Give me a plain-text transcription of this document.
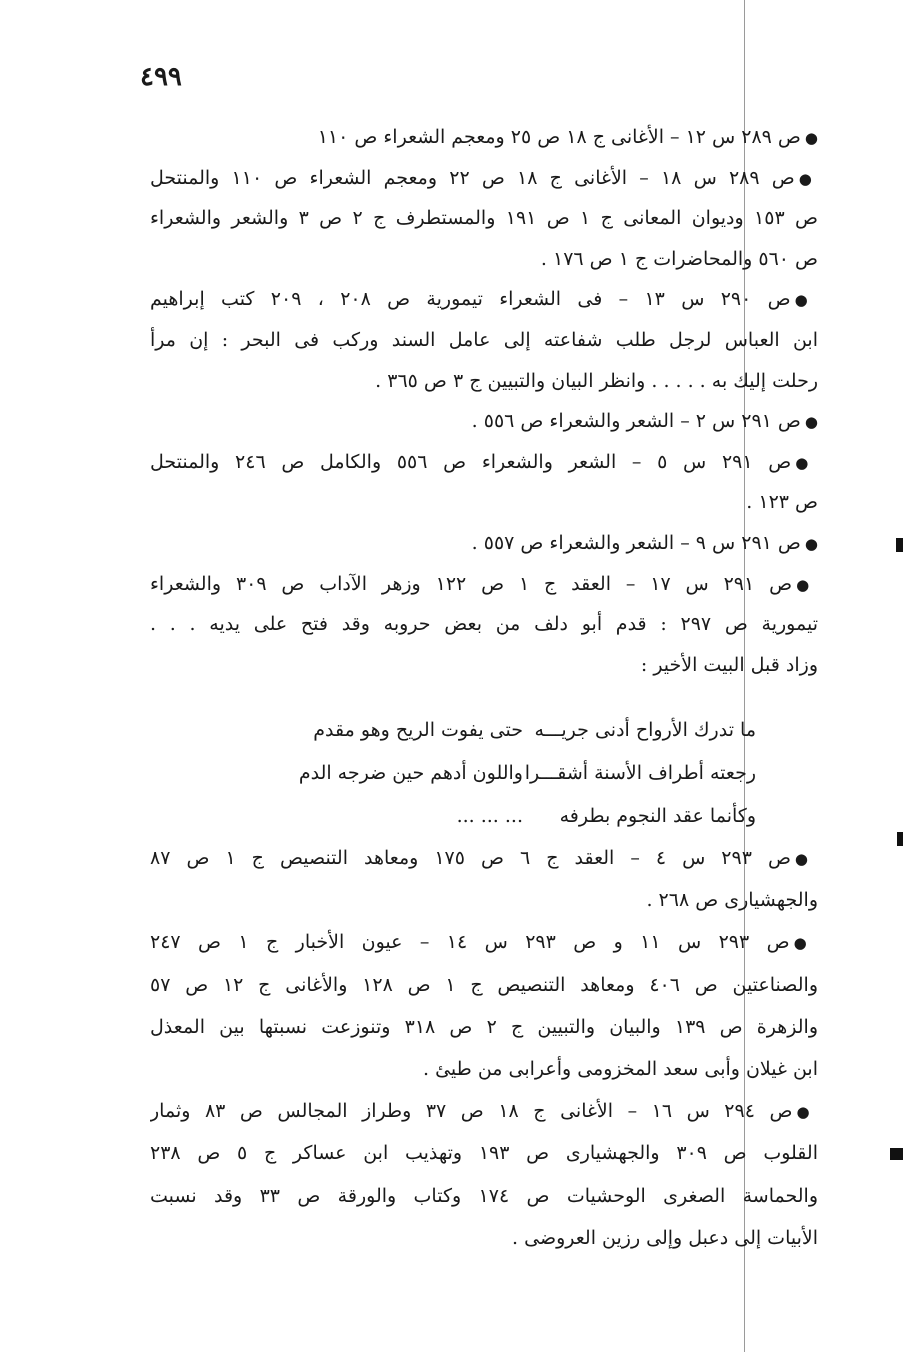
٤٩٩
●ص ٢٨٩ س ١٢ – الأغانى ج ١٨ ص ٢٥ ومعجم الشعراء ص ١١٠
●ص ٢٨٩ س ١٨ – الأغانى ج ١٨ ص ٢٢ ومعجم الشعراء ص ١١٠ والمنتحل
ص ١٥٣ وديوان المعانى ج ١ ص ١٩١ والمستطرف ج ٢ ص ٣ والشعر والشعراء
ص ٥٦٠ والمحاضرات ج ١ ص ١٧٦ .
●ص ٢٩٠ س ١٣ – فى الشعراء تيمورية ص ٢٠٨ ، ٢٠٩ كتب إبراهيم
ابن العباس لرجل طلب شفاعته إلى عامل السند وركب فى البحر : إن مرأ
رحلت إليك به . . . . . وانظر البيان والتبيين ج ٣ ص ٣٦٥ .
●ص ٢٩١ س ٢ – الشعر والشعراء ص ٥٥٦ .
●ص ٢٩١ س ٥ – الشعر والشعراء ص ٥٥٦ والكامل ص ٢٤٦ والمنتحل
ص ١٢٣ .
●ص ٢٩١ س ٩ – الشعر والشعراء ص ٥٥٧ .
●ص ٢٩١ س ١٧ – العقد ج ١ ص ١٢٢ وزهر الآداب ص ٣٠٩ والشعراء
تيمورية ص ٢٩٧ : قدم أبو دلف من بعض حروبه وقد فتح على يديه . . .
وزاد قبل البيت الأخير :
ما تدرك الأرواح أدنى جريـــه
حتى يفوت الريح وهو مقدم
رجعته أطراف الأسنة أشقـــرا
واللون أدهم حين ضرجه الدم
وكأنما عقد النجوم بطرفه
... ... ...
●ص ٢٩٣ س ٤ – العقد ج ٦ ص ١٧٥ ومعاهد التنصيص ج ١ ص ٨٧
والجهشيارى ص ٢٦٨ .
●ص ٢٩٣ س ١١ و ص ٢٩٣ س ١٤ – عيون الأخبار ج ١ ص ٢٤٧
والصناعتين ص ٤٠٦ ومعاهد التنصيص ج ١ ص ١٢٨ والأغانى ج ١٢ ص ٥٧
والزهرة ص ١٣٩ والبيان والتبيين ج ٢ ص ٣١٨ وتنوزعت نسبتها بين المعذل
ابن غيلان وأبى سعد المخزومى وأعرابى من طيئ .
●ص ٢٩٤ س ١٦ – الأغانى ج ١٨ ص ٣٧ وطراز المجالس ص ٨٣ وثمار
القلوب ص ٣٠٩ والجهشيارى ص ١٩٣ وتهذيب ابن عساكر ج ٥ ص ٢٣٨
والحماسة الصغرى الوحشيات ص ١٧٤ وكتاب والورقة ص ٣٣ وقد نسبت
الأبيات إلى دعبل وإلى رزين العروضى .
